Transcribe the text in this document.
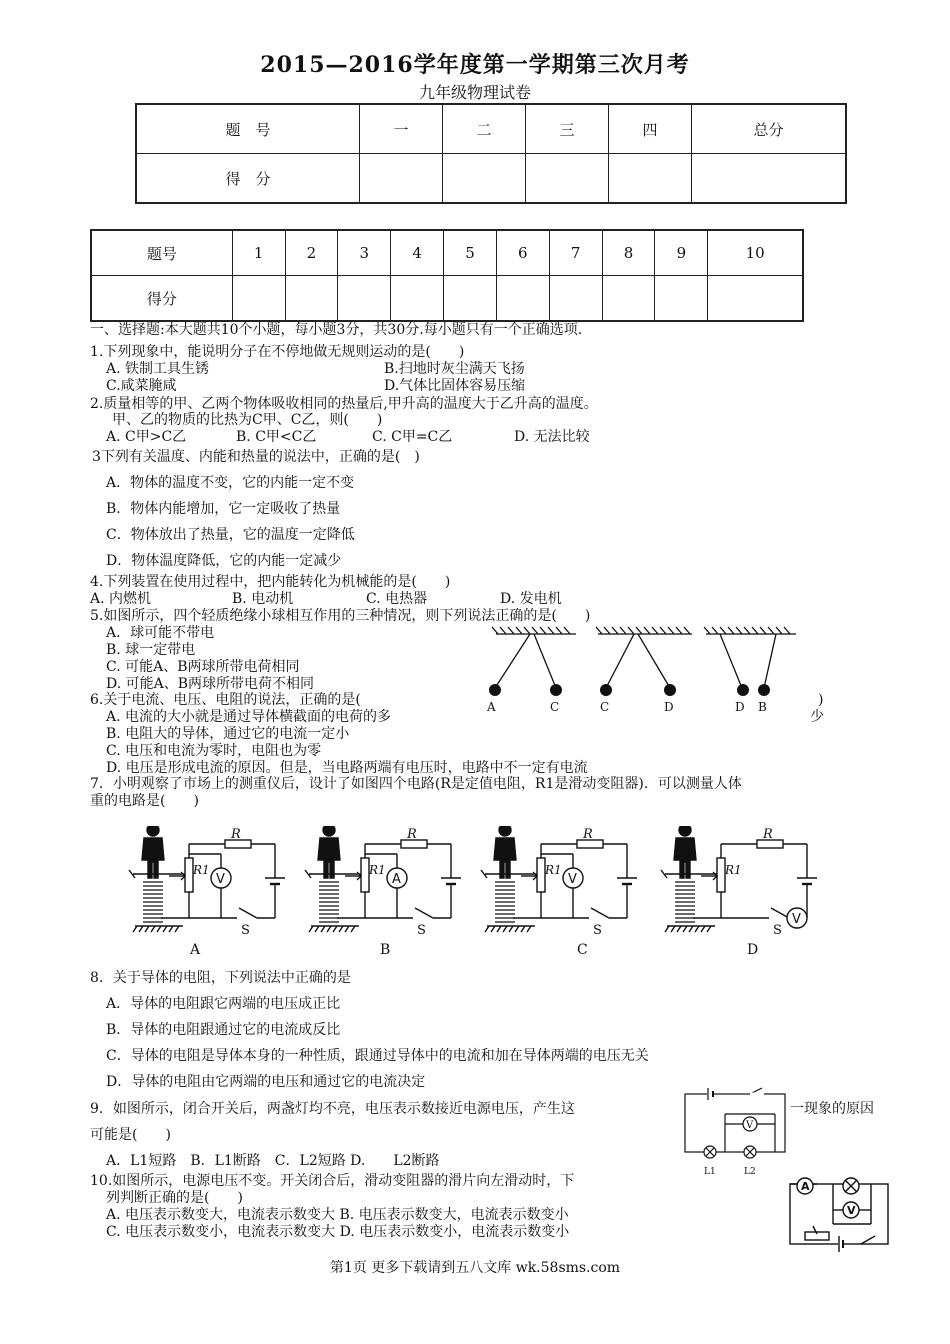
2015—2016学年度第一学期第三次月考
九年级物理试卷
题　号	一	二	三	四	总分
得　分					
题号	1	2	3	4	5	6	7	8	9	10
得分										
一、选择题:本大题共10个小题，每小题3分，共30分.每小题只有一个正确选项.
1.下列现象中，能说明分子在不停地做无规则运动的是(　　)
A. 铁制工具生锈	B.扫地时灰尘满天飞扬
C.咸菜腌咸	D.气体比固体容易压缩
2.质量相等的甲、乙两个物体吸收相同的热量后,甲升高的温度大于乙升高的温度。
甲、乙的物质的比热为C甲、C乙，则(　　)
A. C甲>C乙	B. C甲<C乙	C. C甲=C乙	D. 无法比较
3下列有关温度、内能和热量的说法中，正确的是(　)
A．物体的温度不变，它的内能一定不变
B．物体内能增加，它一定吸收了热量
C．物体放出了热量，它的温度一定降低
D．物体温度降低，它的内能一定减少
4.下列装置在使用过程中，把内能转化为机械能的是(　　)
A. 内燃机	B. 电动机	C. 电热器	D. 发电机
5.如图所示，四个轻质绝缘小球相互作用的三种情况，则下列说法正确的是(　　)
A．球可能不带电
B. 球一定带电
C. 可能A、B两球所带电荷相同
D. 可能A、B两球所带电荷不相同
A	C	C	D	D B
6.关于电流、电压、电阻的说法，正确的是(	)
A. 电流的大小就是通过导体横截面的电荷的多	少
B. 电阻大的导体，通过它的电流一定小
C. 电压和电流为零时，电阻也为零
D. 电压是形成电流的原因。但是，当电路两端有电压时，电路中不一定有电流
7．小明观察了市场上的测重仪后，设计了如图四个电路(R是定值电阻，R1是滑动变阻器)．可以测量人体
重的电路是(　　)
V
R
R1
S
A
R
R1
S
V
R
R1
S
V
R
R1
S
A	B	C	D
8．关于导体的电阻，下列说法中正确的是
A．导体的电阻跟它两端的电压成正比
B．导体的电阻跟通过它的电流成反比
C．导体的电阻是导体本身的一种性质，跟通过导体中的电流和加在导体两端的电压无关
D．导体的电阻由它两端的电压和通过它的电流决定
9．如图所示，闭合开关后，两盏灯均不亮，电压表示数接近电源电压，产生这	一现象的原因
可能是(　　)
A．L1短路　B．L1断路　C．L2短路 D.　　L2断路
V
L1	L2
10.如图所示，电源电压不变。开关闭合后，滑动变阻器的滑片向左滑动时，下
列判断正确的是(　　)
A. 电压表示数变大，电流表示数变大 B. 电压表示数变大，电流表示数变小
C. 电压表示数变小，电流表示数变大 D. 电压表示数变小，电流表示数变小
A
V
第1页 更多下载请到五八文库 wk.58sms.com
